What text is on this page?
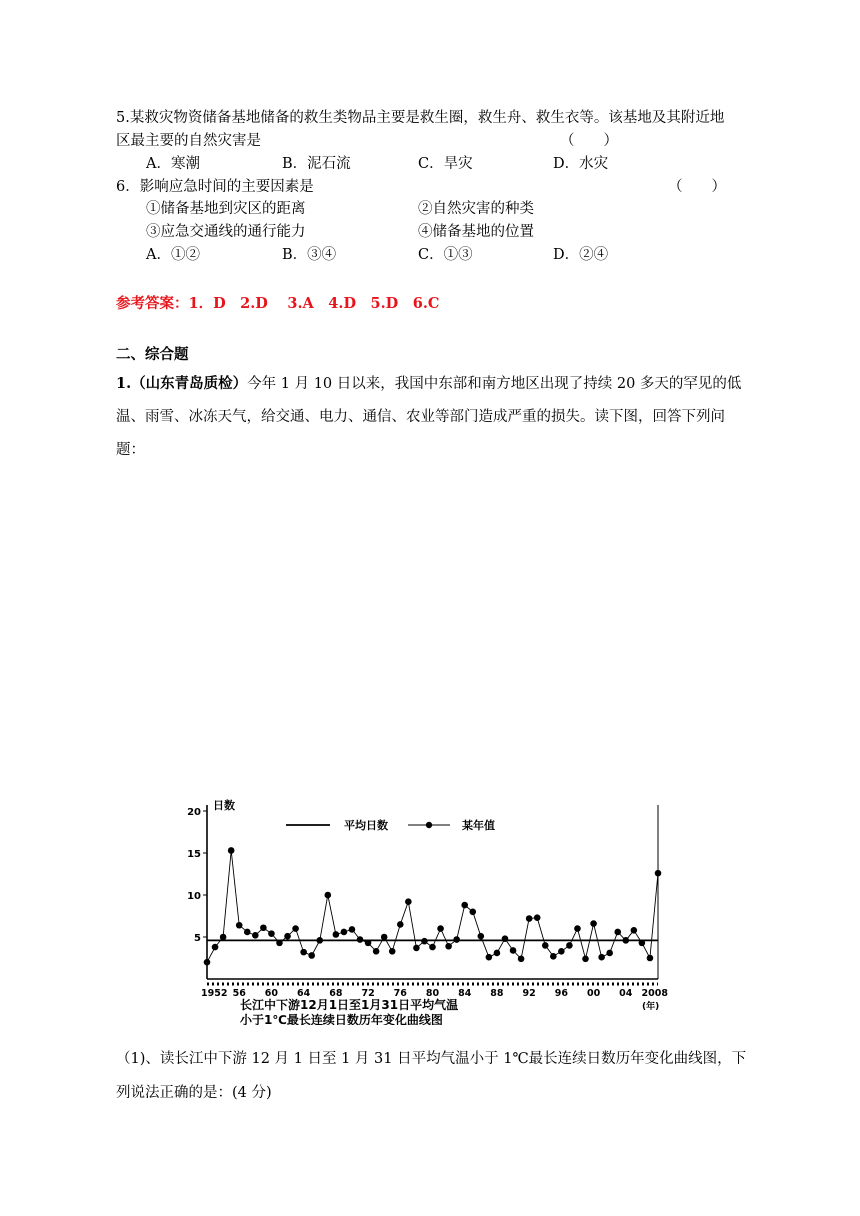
5.某救灾物资储备基地储备的救生类物品主要是救生圈，救生舟、救生衣等。该基地及其附近地
区最主要的自然灾害是	（　　）
A．寒潮	B．泥石流	C．旱灾	D．水灾
6．影响应急时间的主要因素是	（　　）
①储备基地到灾区的距离	②自然灾害的种类
③应急交通线的通行能力	④储备基地的位置
A．①②	B．③④	C．①③	D．②④
参考答案：1．D　2.D　 3.A　4.D　5.D　6.C
二、综合题
1.（山东青岛质检）今年 1 月 10 日以来，我国中东部和南方地区出现了持续 20 多天的罕见的低
温、雨雪、冰冻天气，给交通、电力、通信、农业等部门造成严重的损失。读下图，回答下列问
题：
5
10
15
20
日数
1952 56 60 64 68 72 76 80 84 88 92 96 00 04 2008
(年)
平均日数	某年值
长江中下游12月1日至1月31日平均气温
小于1℃最长连续日数历年变化曲线图
（1)、读长江中下游 12 月 1 日至 1 月 31 日平均气温小于 1℃最长连续日数历年变化曲线图，下
列说法正确的是：(4 分)
